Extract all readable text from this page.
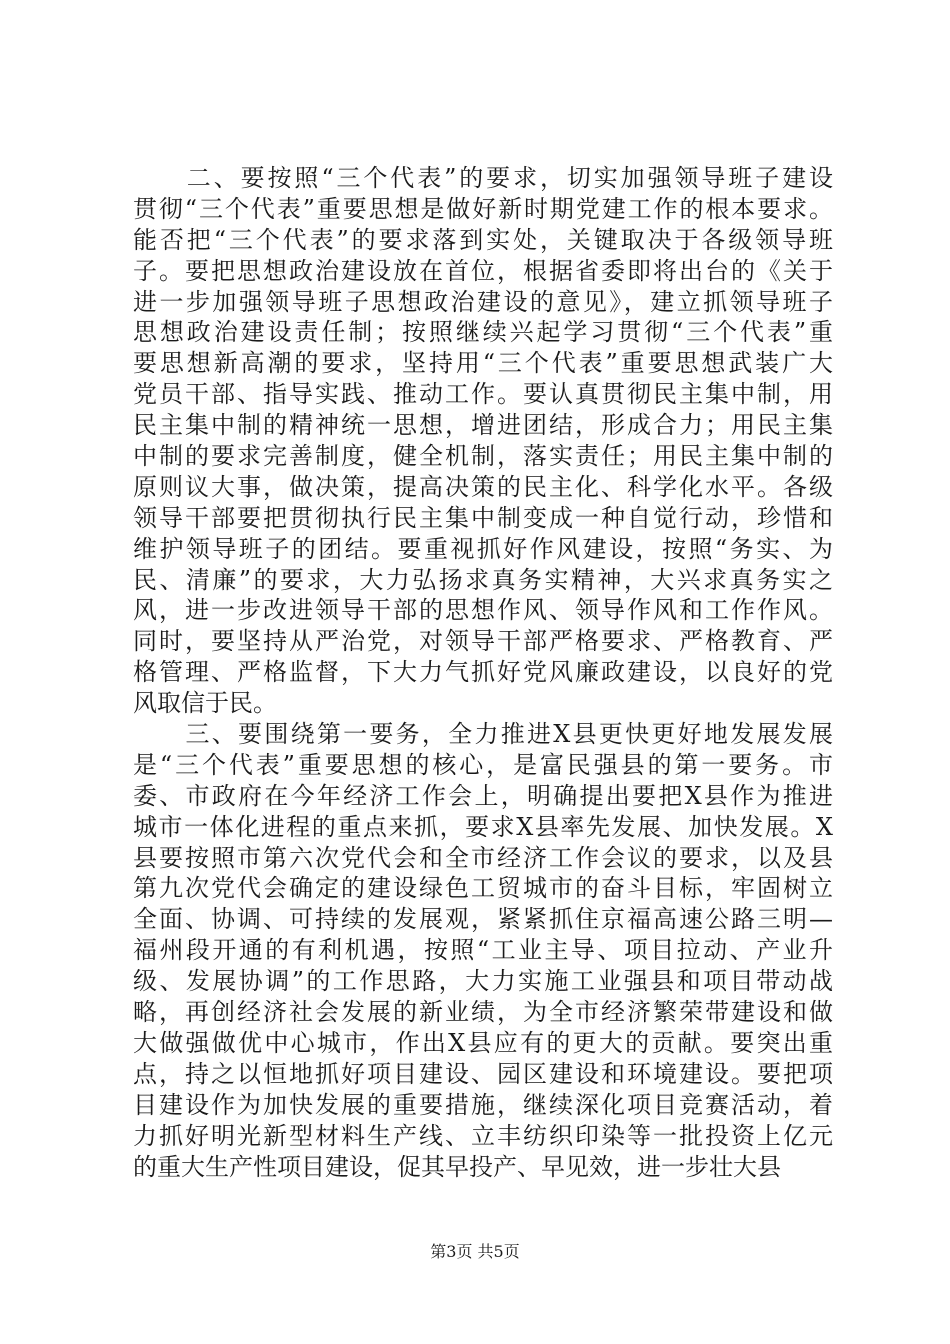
　　二、要按照“三个代表”的要求，切实加强领导班子建设
贯彻“三个代表”重要思想是做好新时期党建工作的根本要求。
能否把“三个代表”的要求落到实处，关键取决于各级领导班
子。要把思想政治建设放在首位，根据省委即将出台的《关于
进一步加强领导班子思想政治建设的意见》，建立抓领导班子
思想政治建设责任制；按照继续兴起学习贯彻“三个代表”重
要思想新高潮的要求，坚持用“三个代表”重要思想武装广大
党员干部、指导实践、推动工作。要认真贯彻民主集中制，用
民主集中制的精神统一思想，增进团结，形成合力；用民主集
中制的要求完善制度，健全机制，落实责任；用民主集中制的
原则议大事，做决策，提高决策的民主化、科学化水平。各级
领导干部要把贯彻执行民主集中制变成一种自觉行动，珍惜和
维护领导班子的团结。要重视抓好作风建设，按照“务实、为
民、清廉”的要求，大力弘扬求真务实精神，大兴求真务实之
风，进一步改进领导干部的思想作风、领导作风和工作作风。
同时，要坚持从严治党，对领导干部严格要求、严格教育、严
格管理、严格监督，下大力气抓好党风廉政建设，以良好的党
风取信于民。
　　三、要围绕第一要务，全力推进X县更快更好地发展发展
是“三个代表”重要思想的核心，是富民强县的第一要务。市
委、市政府在今年经济工作会上，明确提出要把X县作为推进
城市一体化进程的重点来抓，要求X县率先发展、加快发展。X
县要按照市第六次党代会和全市经济工作会议的要求，以及县
第九次党代会确定的建设绿色工贸城市的奋斗目标，牢固树立
全面、协调、可持续的发展观，紧紧抓住京福高速公路三明—
福州段开通的有利机遇，按照“工业主导、项目拉动、产业升
级、发展协调”的工作思路，大力实施工业强县和项目带动战
略，再创经济社会发展的新业绩，为全市经济繁荣带建设和做
大做强做优中心城市，作出X县应有的更大的贡献。要突出重
点，持之以恒地抓好项目建设、园区建设和环境建设。要把项
目建设作为加快发展的重要措施，继续深化项目竞赛活动，着
力抓好明光新型材料生产线、立丰纺织印染等一批投资上亿元
的重大生产性项目建设，促其早投产、早见效，进一步壮大县
第3页 共5页
